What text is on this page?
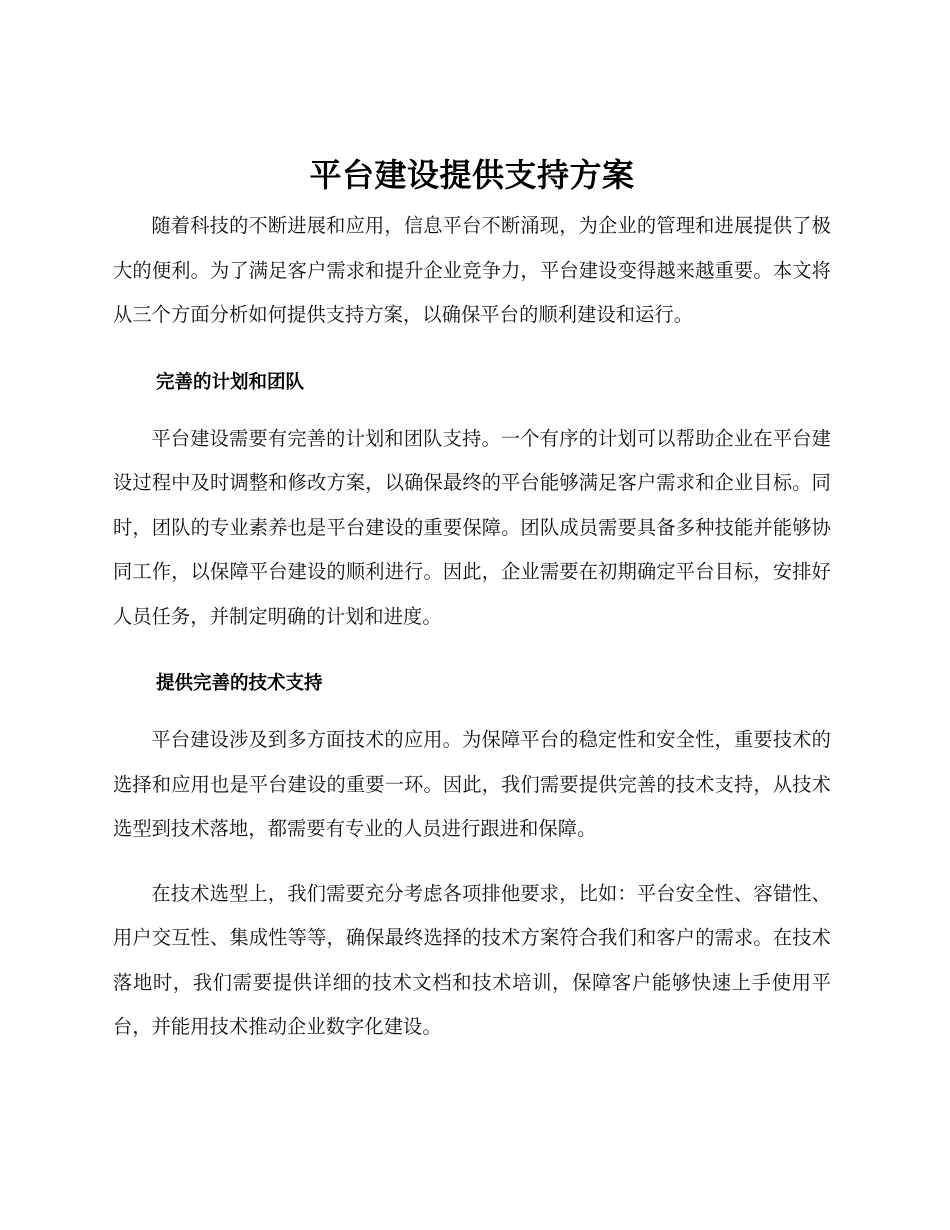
平台建设提供支持方案

随着科技的不断进展和应用，信息平台不断涌现，为企业的管理和进展提供了极大的便利。为了满足客户需求和提升企业竞争力，平台建设变得越来越重要。本文将从三个方面分析如何提供支持方案，以确保平台的顺利建设和运行。

完善的计划和团队

平台建设需要有完善的计划和团队支持。一个有序的计划可以帮助企业在平台建设过程中及时调整和修改方案，以确保最终的平台能够满足客户需求和企业目标。同时，团队的专业素养也是平台建设的重要保障。团队成员需要具备多种技能并能够协同工作，以保障平台建设的顺利进行。因此，企业需要在初期确定平台目标，安排好人员任务，并制定明确的计划和进度。

提供完善的技术支持

平台建设涉及到多方面技术的应用。为保障平台的稳定性和安全性，重要技术的选择和应用也是平台建设的重要一环。因此，我们需要提供完善的技术支持，从技术选型到技术落地，都需要有专业的人员进行跟进和保障。

在技术选型上，我们需要充分考虑各项排他要求，比如：平台安全性、容错性、用户交互性、集成性等等，确保最终选择的技术方案符合我们和客户的需求。在技术落地时，我们需要提供详细的技术文档和技术培训，保障客户能够快速上手使用平台，并能用技术推动企业数字化建设。
